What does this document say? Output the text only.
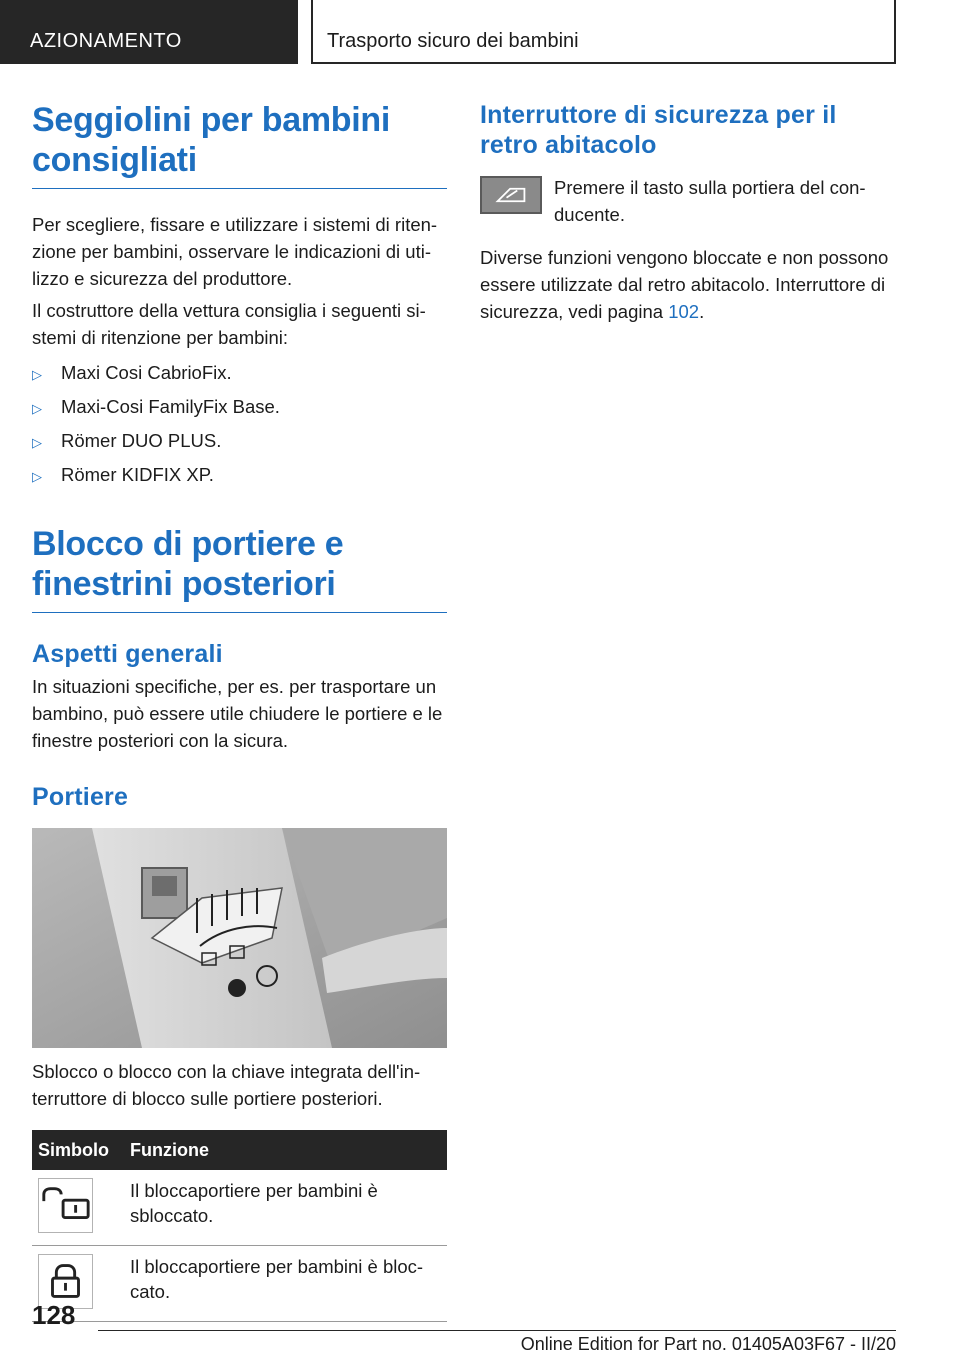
AZIONAMENTO	Trasporto sicuro dei bambini
Seggiolini per bambini consigliati

Per scegliere, fissare e utilizzare i sistemi di ritenzione per bambini, osservare le indicazioni di utilizzo e sicurezza del produttore.

Il costruttore della vettura consiglia i seguenti sistemi di ritenzione per bambini:

▷	Maxi Cosi CabrioFix.
▷	Maxi-Cosi FamilyFix Base.
▷	Römer DUO PLUS.
▷	Römer KIDFIX XP.
Blocco di portiere e finestrini posteriori
Aspetti generali

In situazioni specifiche, per es. per trasportare un bambino, può essere utile chiudere le portiere e le finestre posteriori con la sicura.

Portiere

Sblocco o blocco con la chiave integrata dell'interruttore di blocco sulle portiere posteriori.

Simbolo	Funzione

	Il bloccaportiere per bambini è sbloccato.

	Il bloccaportiere per bambini è bloccato.
Interruttore di sicurezza per il retro abitacolo

Premere il tasto sulla portiera del conducente.

Diverse funzioni vengono bloccate e non possono essere utilizzate dal retro abitacolo. Interruttore di sicurezza, vedi pagina 102.

128
Online Edition for Part no. 01405A03F67 - II/20
